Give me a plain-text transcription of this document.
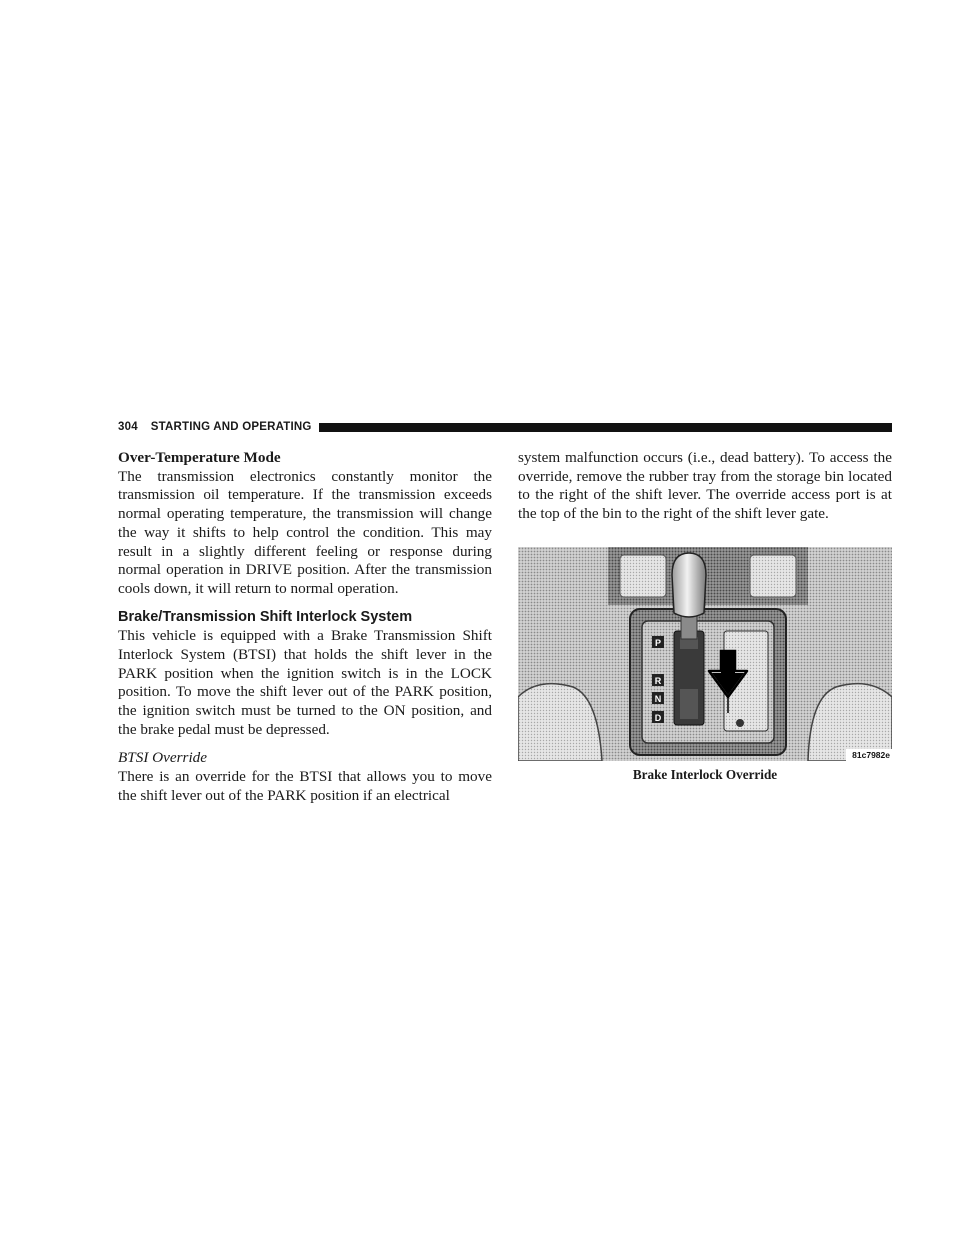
304 STARTING AND OPERATING
Over-Temperature Mode

The transmission electronics constantly monitor the transmission oil temperature. If the transmission exceeds normal operating temperature, the transmission will change the way it shifts to help control the condition. This may result in a slightly different feeling or response during normal operation in DRIVE position. After the transmission cools down, it will return to normal operation.

Brake/Transmission Shift Interlock System

This vehicle is equipped with a Brake Transmission Shift Interlock System (BTSI) that holds the shift lever in the PARK position when the ignition switch is in the LOCK position. To move the shift lever out of the PARK position, the ignition switch must be turned to the ON position, and the brake pedal must be depressed.

BTSI Override

There is an override for the BTSI that allows you to move the shift lever out of the PARK position if an electrical

system malfunction occurs (i.e., dead battery). To access the override, remove the rubber tray from the storage bin located to the right of the shift lever. The override access port is at the top of the bin to the right of the shift lever gate.

P
R
N
D
81c7982e
Brake Interlock Override
